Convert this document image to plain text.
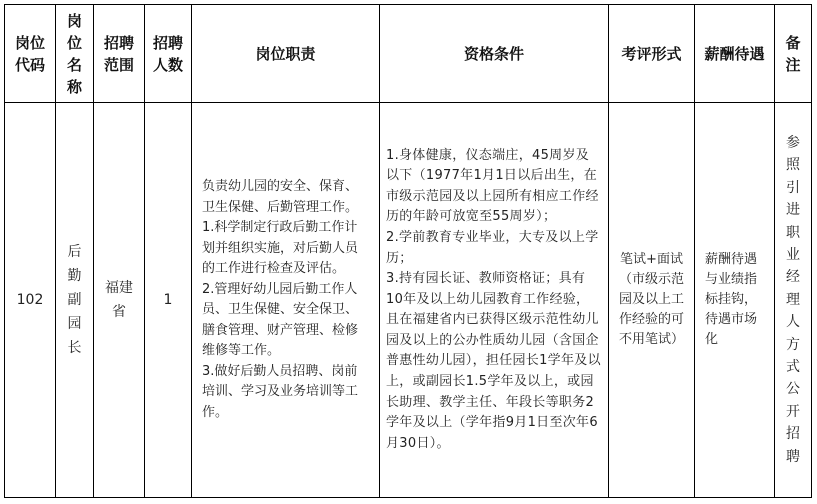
岗位代码
岗位名称
招聘范围
招聘人数
岗位职责	资格条件	考评形式 薪酬待遇
备注
102
后勤副园长
福建省
1

负责幼儿园的安全、保育、卫生保健、后勤管理工作。

1.科学制定行政后勤工作计划并组织实施，对后勤人员的工作进行检查及评估。

2.管理好幼儿园后勤工作人员、卫生保健、安全保卫、膳食管理、财产管理、检修维修等工作。

3.做好后勤人员招聘、岗前培训、学习及业务培训等工作。

1.身体健康，仪态端庄，45周岁及以下（1977年1月1日以后出生，在市级示范园及以上园所有相应工作经历的年龄可放宽至55周岁）；

2.学前教育专业毕业，大专及以上学历；

3.持有园长证、教师资格证；具有10年及以上幼儿园教育工作经验，且在福建省内已获得区级示范性幼儿园及以上的公办性质幼儿园（含国企普惠性幼儿园），担任园长1学年及以上，或副园长1.5学年及以上，或园长助理、教学主任、年段长等职务2学年及以上（学年指9月1日至次年6月30日）。

笔试+面试（市级示范园及以上工作经验的可不用笔试）
薪酬待遇与业绩指标挂钩，待遇市场化
参照引进职业经理人方式公开招聘
